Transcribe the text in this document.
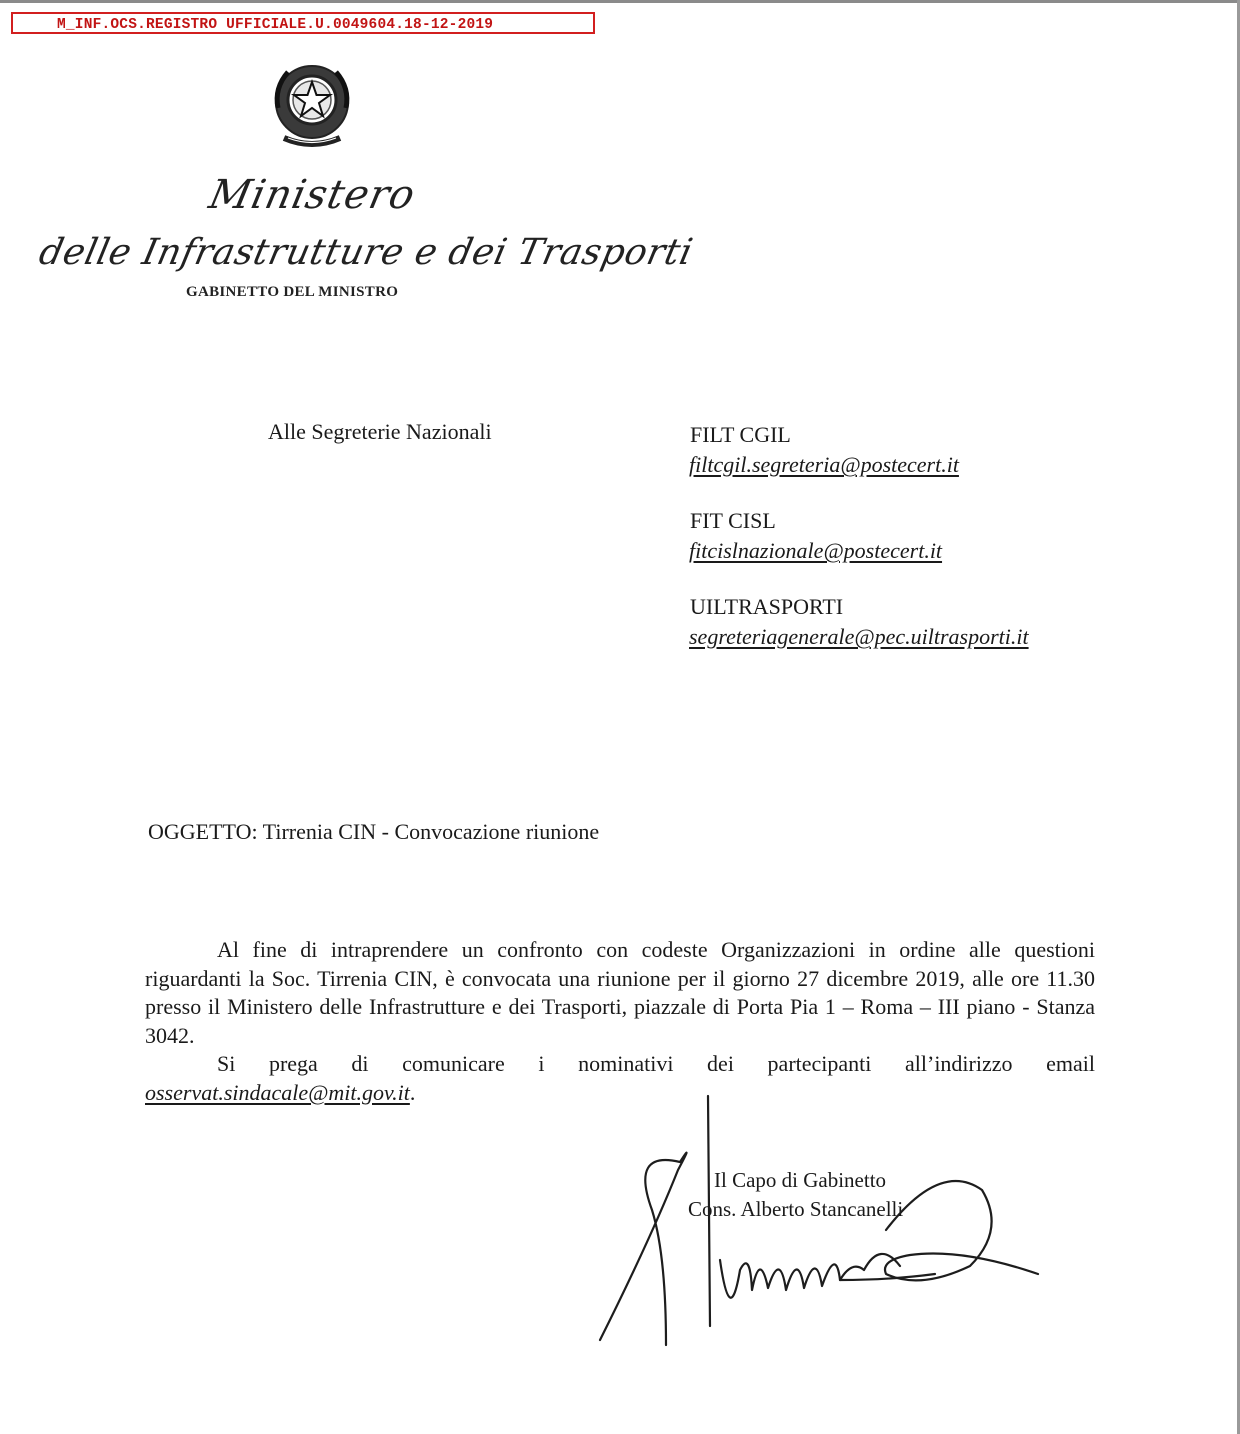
M_INF.OCS.REGISTRO UFFICIALE.U.0049604.18-12-2019
Ministero
delle Infrastrutture e dei Trasporti
GABINETTO DEL MINISTRO
Alle Segreterie Nazionali	FILT CGIL
filtcgil.segreteria@postecert.it
FIT CISL
fitcislnazionale@postecert.it
UILTRASPORTI
segreteriagenerale@pec.uiltrasporti.it
OGGETTO: Tirrenia CIN - Convocazione riunione
Al fine di intraprendere un confronto con codeste Organizzazioni in ordine alle questioni riguardanti la Soc. Tirrenia CIN, è convocata una riunione per il giorno 27 dicembre 2019, alle ore 11.30 presso il Ministero delle Infrastrutture e dei Trasporti, piazzale di Porta Pia 1 – Roma – III piano - Stanza 3042.
Si prega di comunicare i nominativi dei partecipanti all’indirizzo email osservat.sindacale@mit.gov.it.
Il Capo di Gabinetto
Cons. Alberto Stancanelli
